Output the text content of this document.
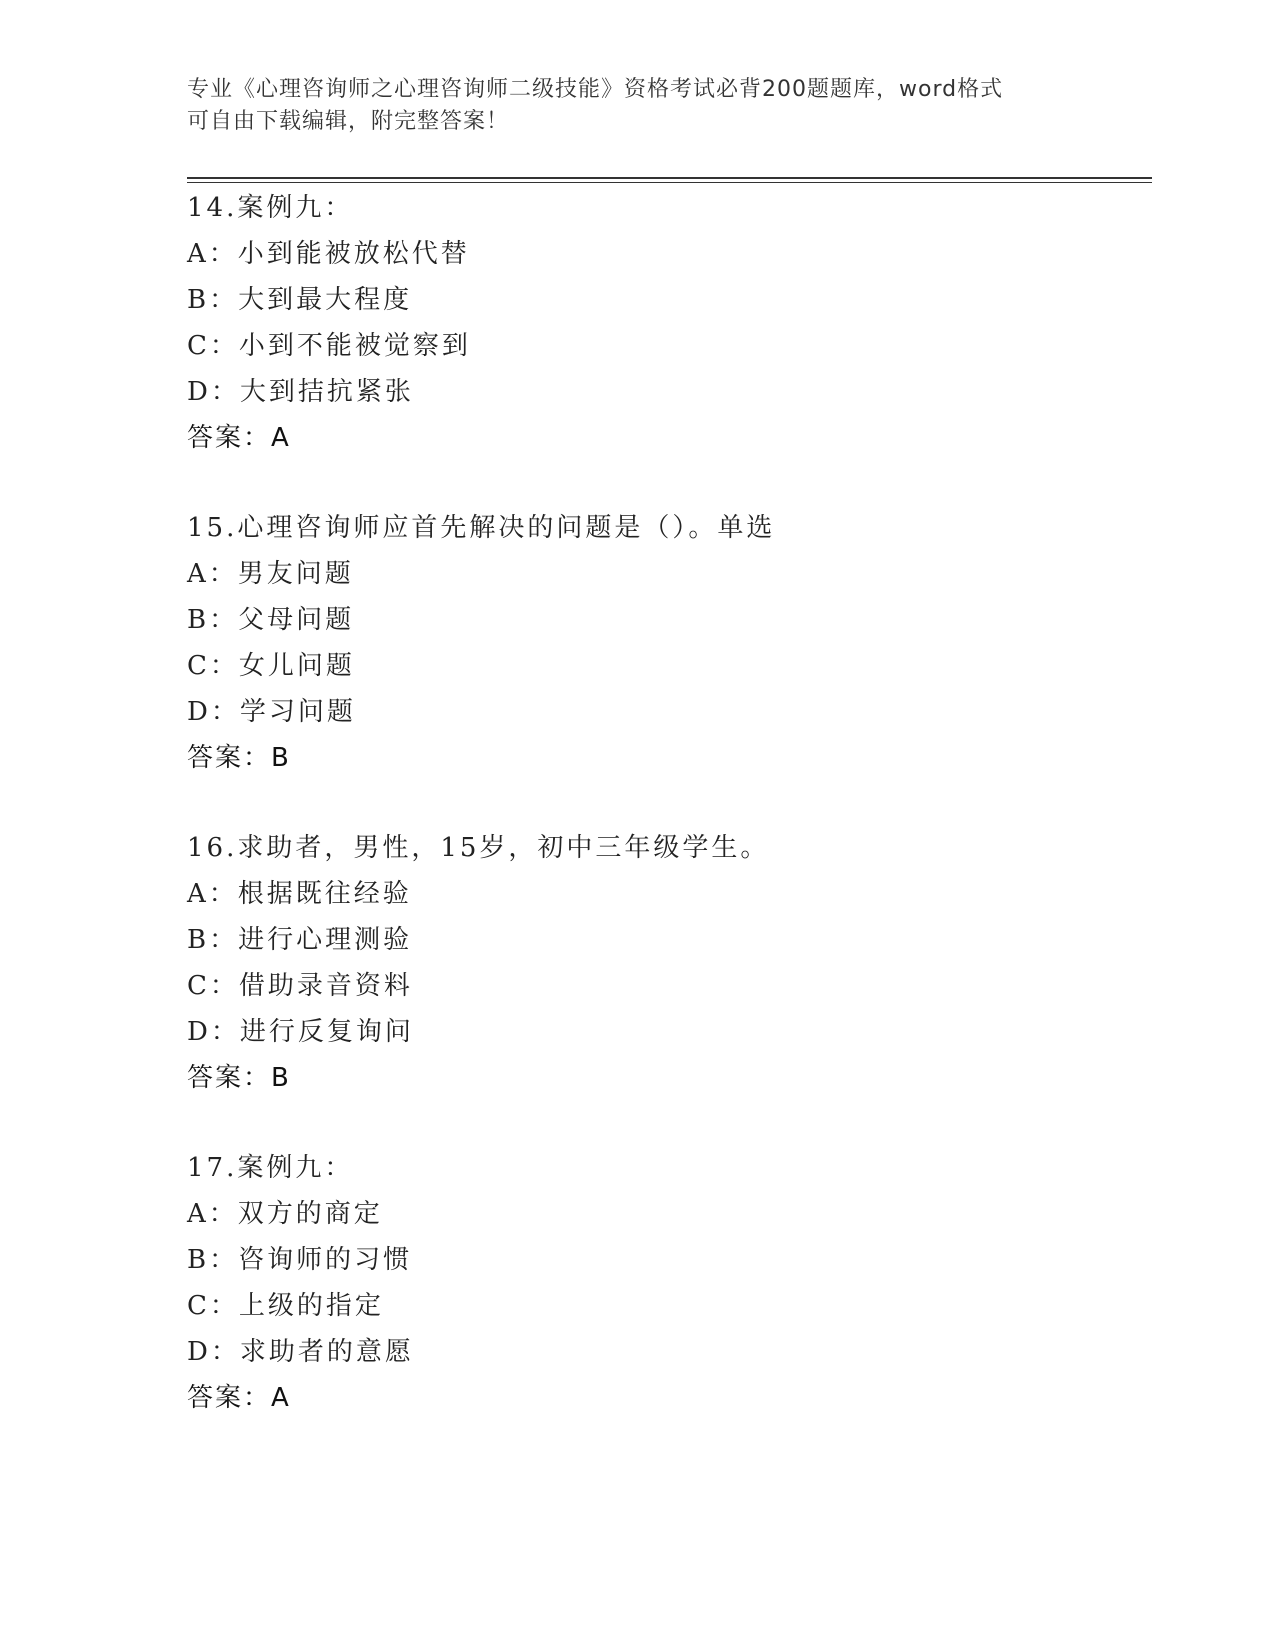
专业《心理咨询师之心理咨询师二级技能》资格考试必背200题题库，word格式

可自由下载编辑，附完整答案！

14.案例九：
A：小到能被放松代替
B：大到最大程度
C：小到不能被觉察到
D：大到拮抗紧张
答案：A
15.心理咨询师应首先解决的问题是（）。单选
A：男友问题
B：父母问题
C：女儿问题
D：学习问题
答案：B
16.求助者，男性，15岁，初中三年级学生。
A：根据既往经验
B：进行心理测验
C：借助录音资料
D：进行反复询问
答案：B
17.案例九：
A：双方的商定
B：咨询师的习惯
C：上级的指定
D：求助者的意愿
答案：A
